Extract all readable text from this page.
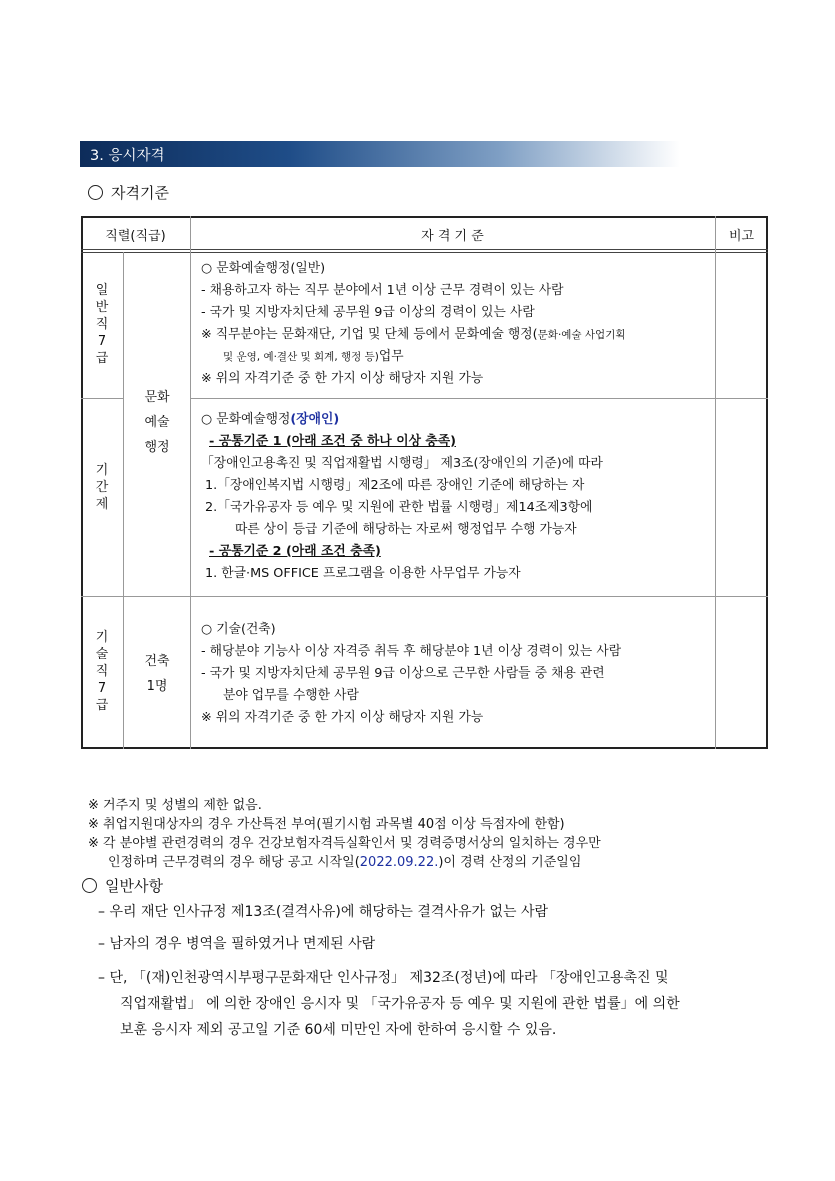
3. 응시자격
자격기준
직렬(직급)	자 격 기 준	비고
일
반
직
7
급
기
간
제
기
술
직
7
급
문화
예술
행정
건축
1명
○ 문화예술행정(일반)
- 채용하고자 하는 직무 분야에서 1년 이상 근무 경력이 있는 사람
- 국가 및 지방자치단체 공무원 9급 이상의 경력이 있는 사람
※ 직무분야는 문화재단, 기업 및 단체 등에서 문화예술 행정(문화·예술 사업기획
및 운영, 예·결산 및 회계, 행정 등)업무
※ 위의 자격기준 중 한 가지 이상 해당자 지원 가능
○ 문화예술행정(장애인)
- 공통기준 1 (아래 조건 중 하나 이상 충족)
「장애인고용촉진 및 직업재활법 시행령」 제3조(장애인의 기준)에 따라
1.「장애인복지법 시행령」제2조에 따른 장애인 기준에 해당하는 자
2.「국가유공자 등 예우 및 지원에 관한 법률 시행령」제14조제3항에
따른 상이 등급 기준에 해당하는 자로써 행정업무 수행 가능자
- 공통기준 2 (아래 조건 충족)
1. 한글·MS OFFICE 프로그램을 이용한 사무업무 가능자
○ 기술(건축)
- 해당분야 기능사 이상 자격증 취득 후 해당분야 1년 이상 경력이 있는 사람
- 국가 및 지방자치단체 공무원 9급 이상으로 근무한 사람들 중 채용 관련
분야 업무를 수행한 사람
※ 위의 자격기준 중 한 가지 이상 해당자 지원 가능
※ 거주지 및 성별의 제한 없음.
※ 취업지원대상자의 경우 가산특전 부여(필기시험 과목별 40점 이상 득점자에 한함)
※ 각 분야별 관련경력의 경우 건강보험자격득실확인서 및 경력증명서상의 일치하는 경우만
인정하며 근무경력의 경우 해당 공고 시작일(2022.09.22.)이 경력 산정의 기준일임
일반사항
– 우리 재단 인사규정 제13조(결격사유)에 해당하는 결격사유가 없는 사람
– 남자의 경우 병역을 필하였거나 면제된 사람
– 단, 「(재)인천광역시부평구문화재단 인사규정」 제32조(정년)에 따라 「장애인고용촉진 및
직업재활법」 에 의한 장애인 응시자 및 「국가유공자 등 예우 및 지원에 관한 법률」에 의한
보훈 응시자 제외 공고일 기준 60세 미만인 자에 한하여 응시할 수 있음.
